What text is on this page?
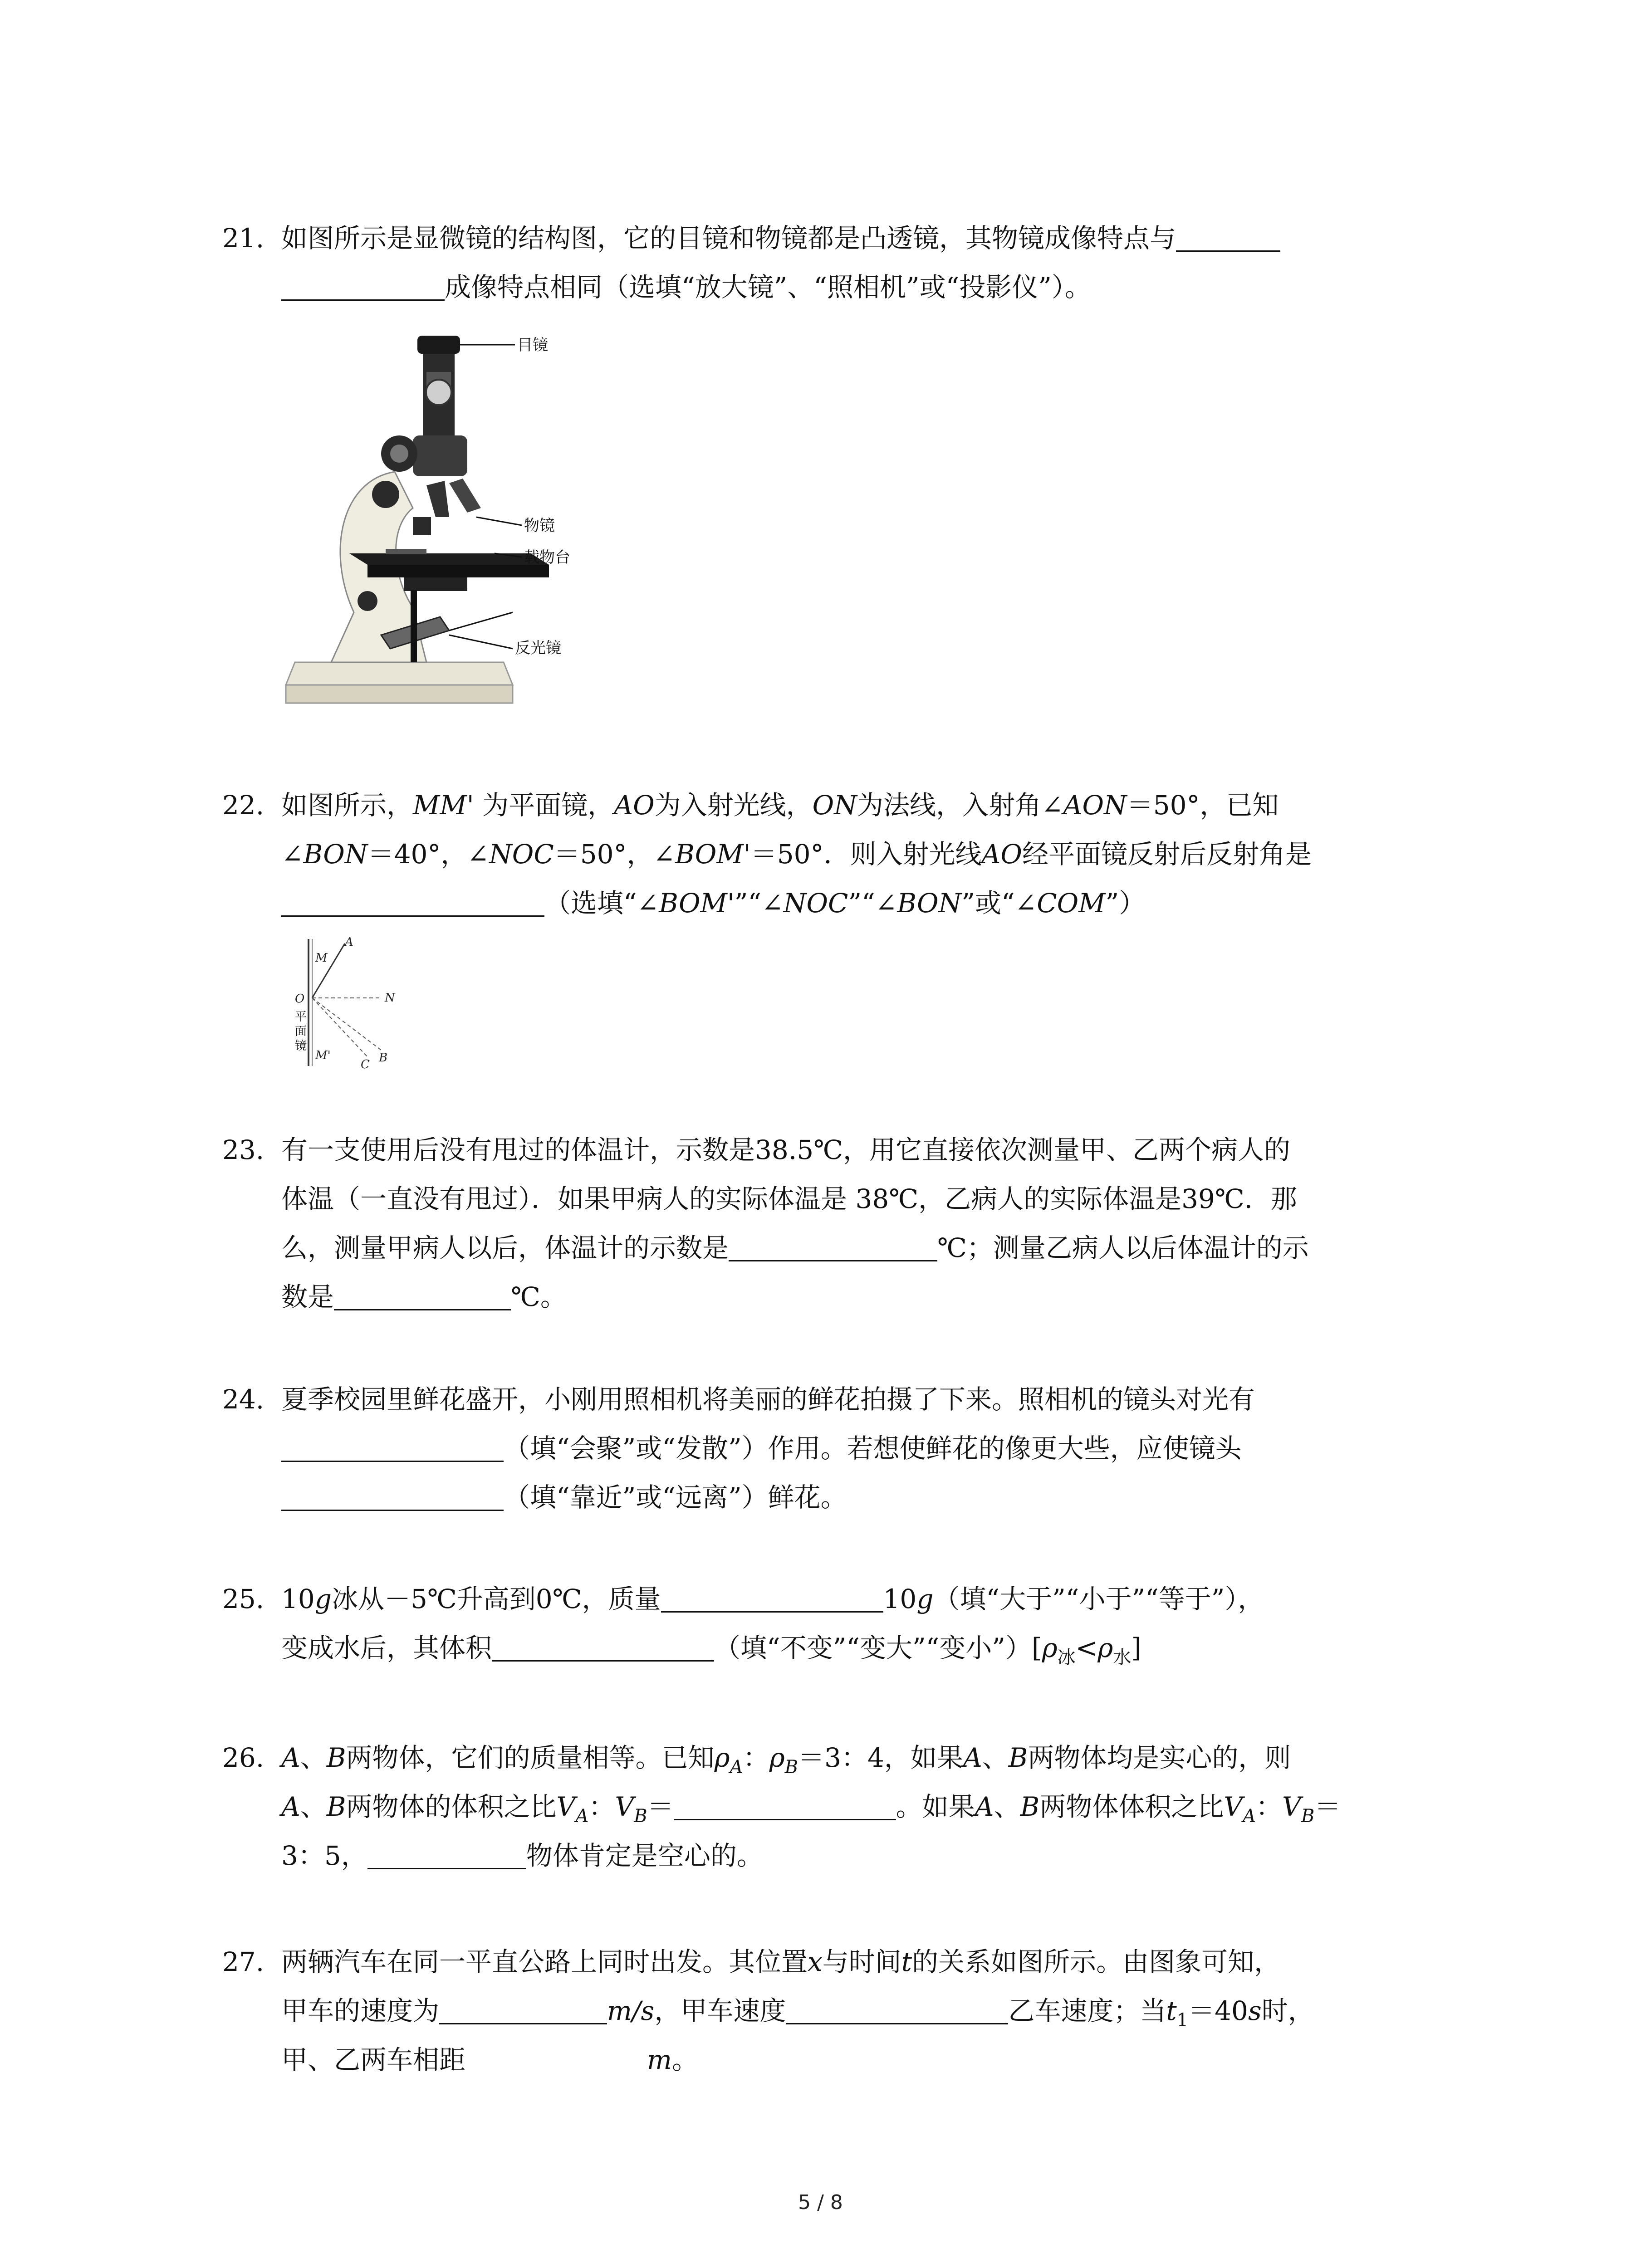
21. 如图所示是显微镜的结构图，它的目镜和物镜都是凸透镜，其物镜成像特点与
成像特点相同（选填“放大镜”、“照相机”或“投影仪”）。
目镜
物镜
载物台
反光镜
22. 如图所示，MM' 为平面镜，AO为入射光线，ON为法线，入射角∠AON＝50°，已知
∠BON＝40°，∠NOC＝50°，∠BOM'＝50°．则入射光线AO经平面镜反射后反射角是
（选填“∠BOM'”“∠NOC”“∠BON”或“∠COM”）
A
M
O	N
M'
C B
平
面
镜
23. 有一支使用后没有甩过的体温计，示数是38.5℃，用它直接依次测量甲、乙两个病人的
体温（一直没有甩过）．如果甲病人的实际体温是 38℃，乙病人的实际体温是39℃．那
么，测量甲病人以后，体温计的示数是	℃；测量乙病人以后体温计的示
数是	℃。
24. 夏季校园里鲜花盛开，小刚用照相机将美丽的鲜花拍摄了下来。照相机的镜头对光有
（填“会聚”或“发散”）作用。若想使鲜花的像更大些，应使镜头
（填“靠近”或“远离”）鲜花。
25. 10g冰从－5℃升高到0℃，质量	10g（填“大于”“小于”“等于”），
变成水后，其体积	（填“不变”“变大”“变小$”)[\rho_冰<\rho_水]$
26. A、B两物体，它们的质量相等。已知$\rho_A$：$\rho_B=3$：4，如果A、B两物体均是实心的，则
A、B两物体的体积之比$V_A$：$V_B=$	。如果A、B两物体体积之比$V_A$：$V_B=$
3：5，	物体肯定是空心的。
27. 两辆汽车在同一平直公路上同时出发。其位置x与时间t的关系如图所示。由图象可知，
甲车的速度为	m/s，甲车速度	乙车速度；当$t_1=40s$时，
甲、乙两车相距	m。
5 / 8
